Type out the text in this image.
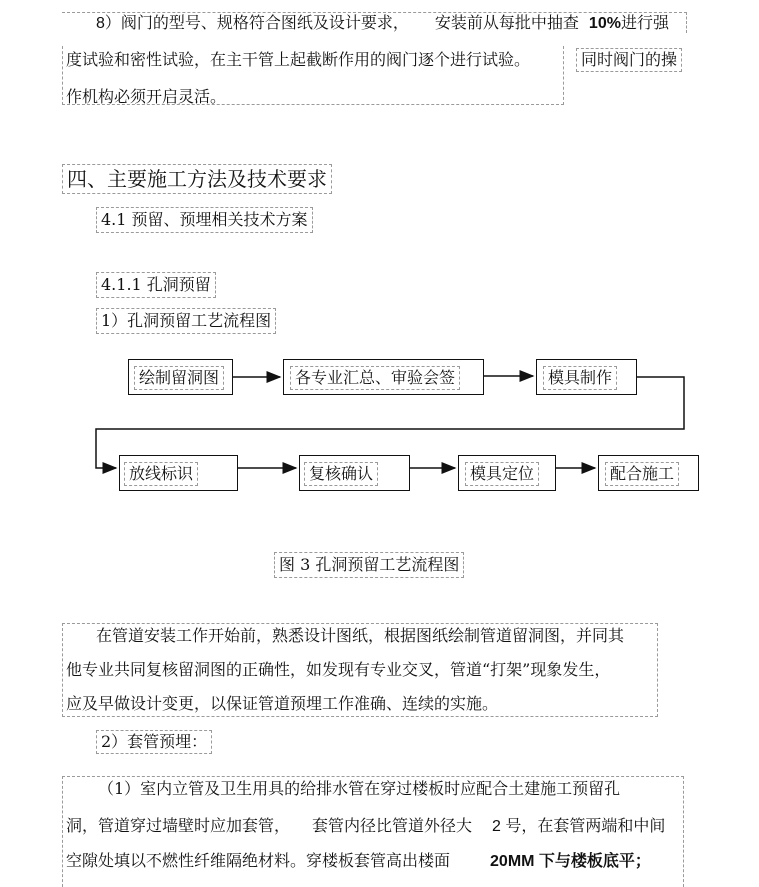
8）阀门的型号、规格符合图纸及设计要求， 安装前从每批中抽查 10%进行强
度试验和密性试验，在主干管上起截断作用的阀门逐个进行试验。	同时阀门的操
作机构必须开启灵活。
四、主要施工方法及技术要求
4.1 预留、预埋相关技术方案
4.1.1 孔洞预留
1）孔洞预留工艺流程图
绘制留洞图	各专业汇总、审验会签	模具制作
放线标识	复核确认	模具定位	配合施工
图 3 孔洞预留工艺流程图
在管道安装工作开始前，熟悉设计图纸，根据图纸绘制管道留洞图，并同其
他专业共同复核留洞图的正确性，如发现有专业交叉，管道“打架”现象发生，
应及早做设计变更，以保证管道预埋工作准确、连续的实施。
2）套管预埋：
（1）室内立管及卫生用具的给排水管在穿过楼板时应配合土建施工预留孔
洞，管道穿过墙壁时应加套管， 套管内径比管道外径大 2 号，在套管两端和中间
空隙处填以不燃性纤维隔绝材料。穿楼板套管高出楼面	20MM 下与楼板底平；
